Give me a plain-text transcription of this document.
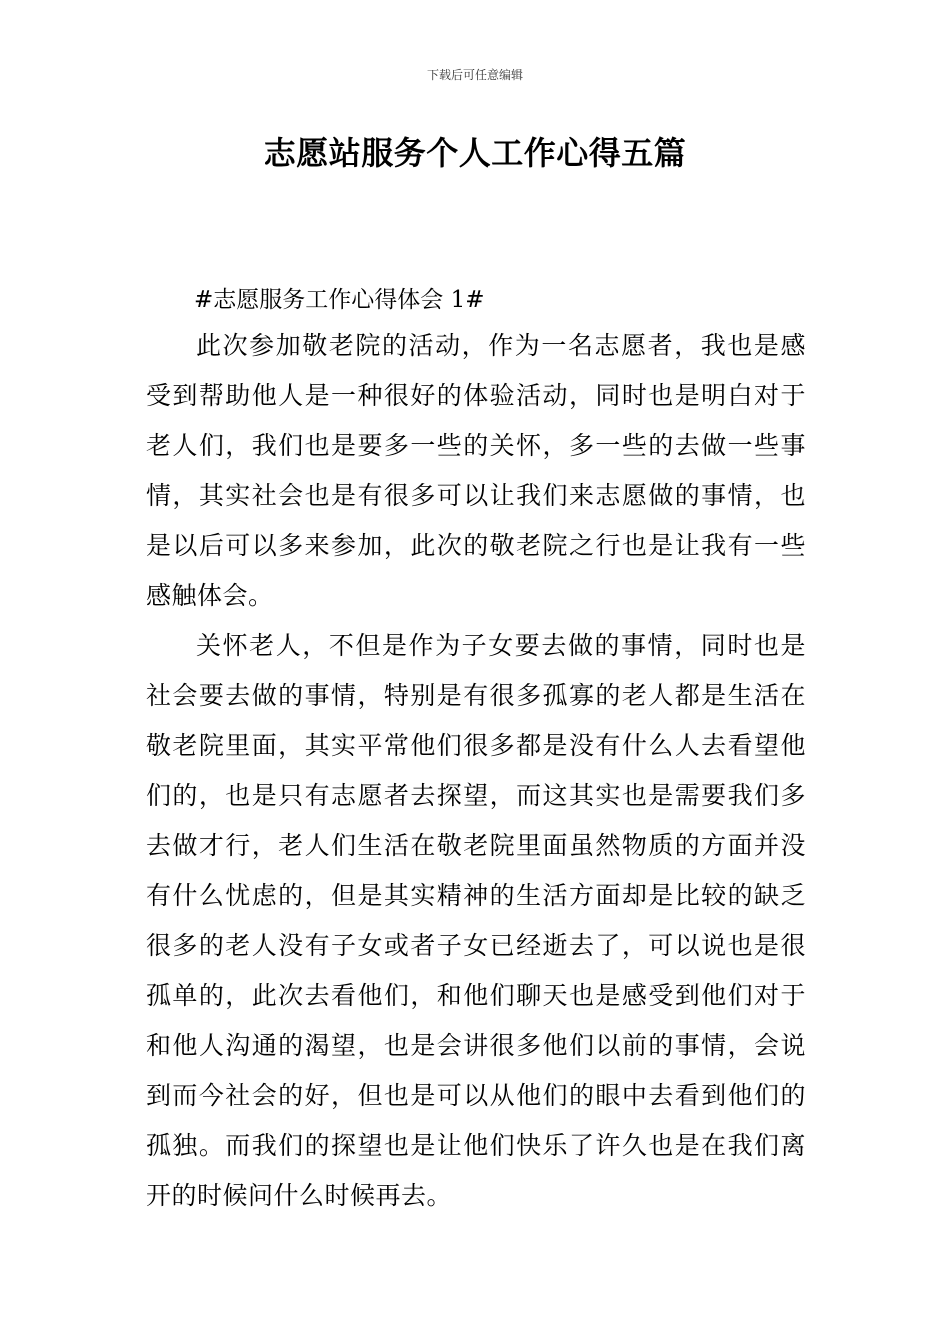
下载后可任意编辑
志愿站服务个人工作心得五篇

#志愿服务工作心得体会 1#

此次参加敬老院的活动，作为一名志愿者，我也是感受到帮助他人是一种很好的体验活动，同时也是明白对于老人们，我们也是要多一些的关怀，多一些的去做一些事情，其实社会也是有很多可以让我们来志愿做的事情，也是以后可以多来参加，此次的敬老院之行也是让我有一些感触体会。

关怀老人，不但是作为子女要去做的事情，同时也是社会要去做的事情，特别是有很多孤寡的老人都是生活在敬老院里面，其实平常他们很多都是没有什么人去看望他们的，也是只有志愿者去探望，而这其实也是需要我们多去做才行，老人们生活在敬老院里面虽然物质的方面并没有什么忧虑的，但是其实精神的生活方面却是比较的缺乏很多的老人没有子女或者子女已经逝去了，可以说也是很孤单的，此次去看他们，和他们聊天也是感受到他们对于和他人沟通的渴望，也是会讲很多他们以前的事情，会说到而今社会的好，但也是可以从他们的眼中去看到他们的孤独。而我们的探望也是让他们快乐了许久也是在我们离开的时候问什么时候再去。
